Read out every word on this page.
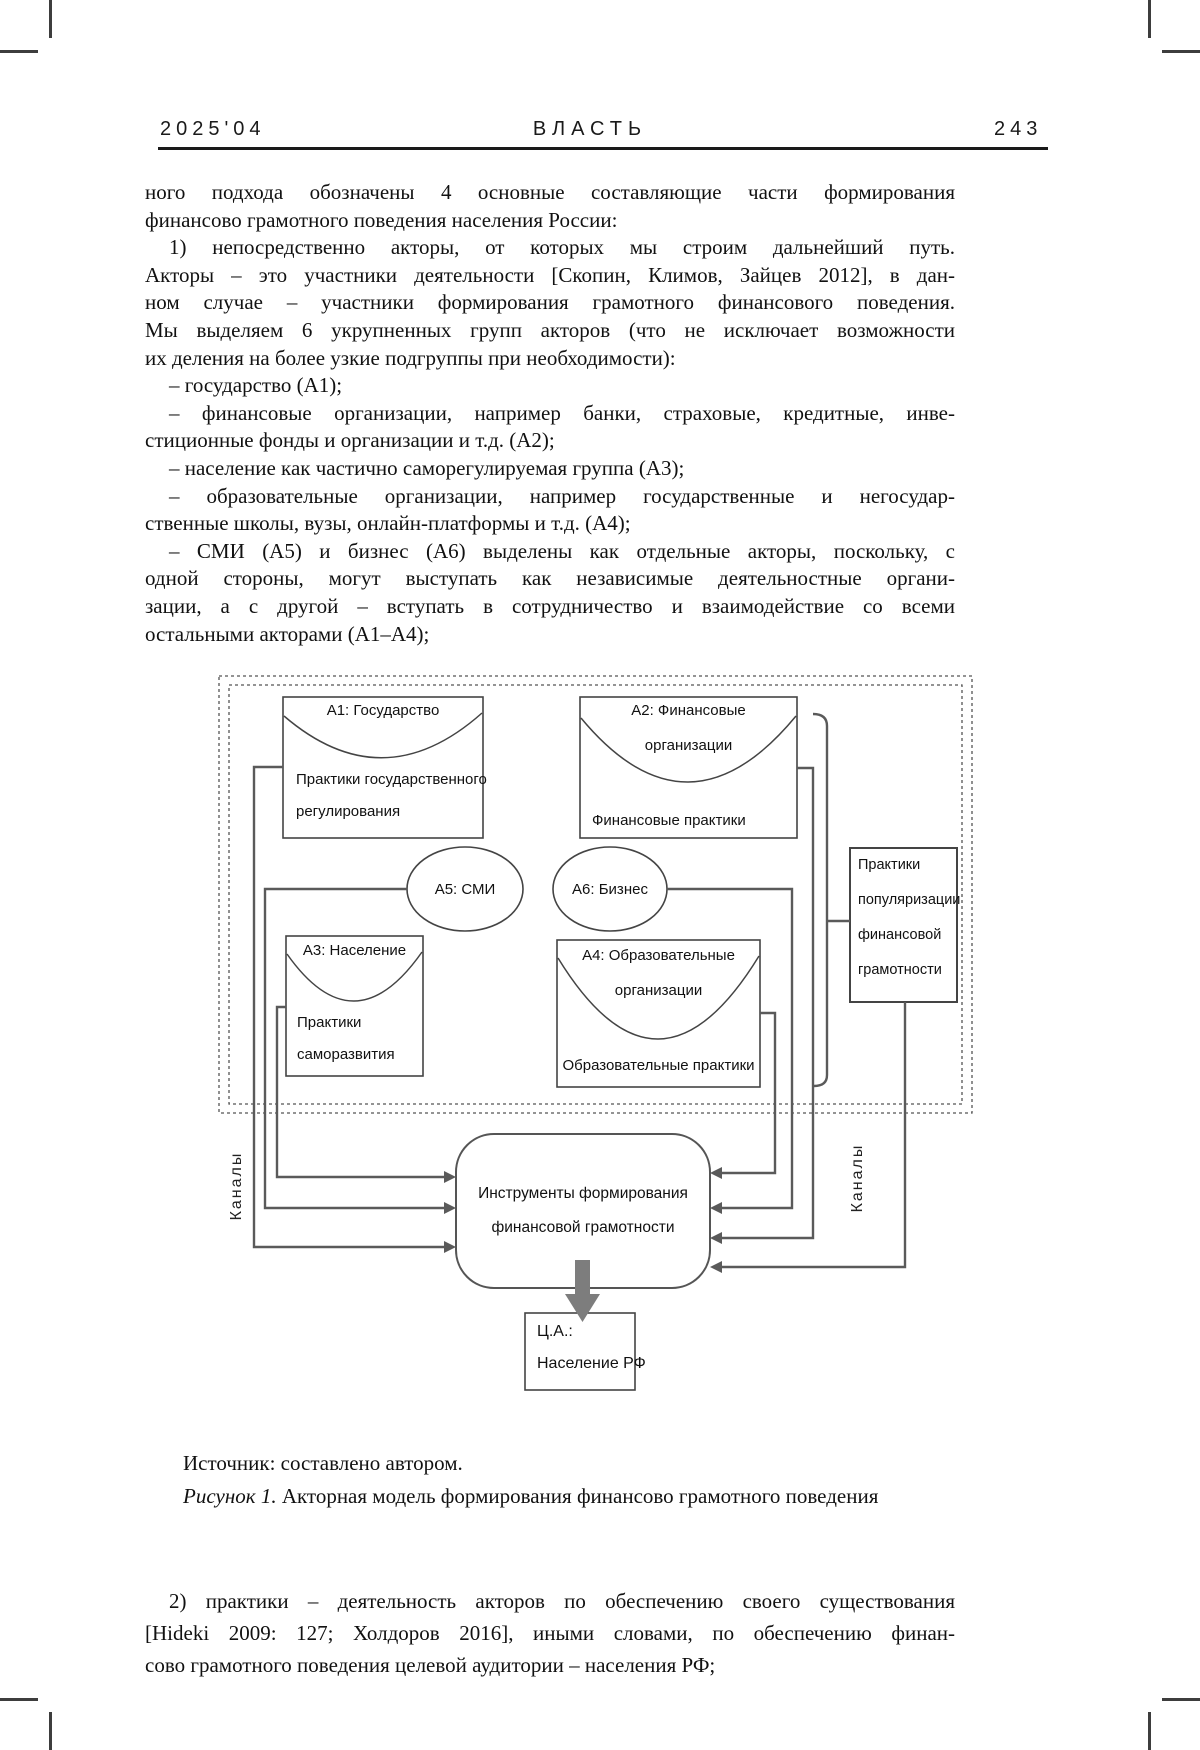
2025'04	ВЛАСТЬ	243
ного подхода обозначены 4 основные составляющие части формирования
финансово грамотного поведения населения России:
1) непосредственно акторы, от которых мы строим дальнейший путь.
Акторы – это участники деятельности [Скопин, Климов, Зайцев 2012], в дан-
ном случае – участники формирования грамотного финансового поведения.
Мы выделяем 6 укрупненных групп акторов (что не исключает возможности
их деления на более узкие подгруппы при необходимости):
– государство (А1);
– финансовые организации, например банки, страховые, кредитные, инве-
стиционные фонды и организации и т.д. (А2);
– население как частично саморегулируемая группа (А3);
– образовательные организации, например государственные и негосудар-
ственные школы, вузы, онлайн-платформы и т.д. (А4);
– СМИ (А5) и бизнес (А6) выделены как отдельные акторы, поскольку, с
одной стороны, могут выступать как независимые деятельностные органи-
зации, а с другой – вступать в сотрудничество и взаимодействие со всеми
остальными акторами (А1–А4);
А1: Государство
Практики государственного
регулирования
А2: Финансовые
организации
Финансовые практики
А3: Население
Практики
саморазвития
А4: Образовательные
организации
Образовательные практики
А5: СМИ	А6: Бизнес
Практики
популяризации
финансовой
грамотности
Инструменты формирования
финансовой грамотности
Ц.А.:
Население РФ
Каналы	Каналы
Источник: составлено автором.
Рисунок 1. Акторная модель формирования финансово грамотного поведения
2) практики – деятельность акторов по обеспечению своего существования
[Hideki 2009: 127; Холдоров 2016], иными словами, по обеспечению финан-
сово грамотного поведения целевой аудитории – населения РФ;
